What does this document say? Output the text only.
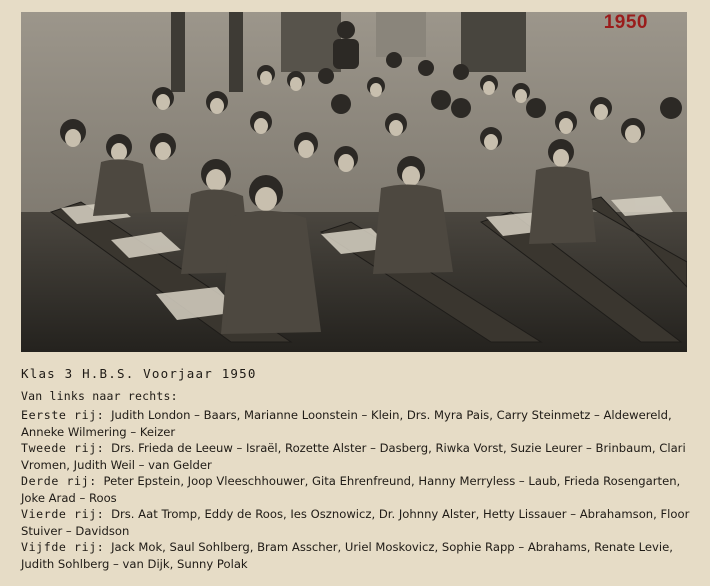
1950
Klas 3 H.B.S. Voorjaar 1950
Van links naar rechts:

Eerste rij: Judith London – Baars, Marianne Loonstein – Klein, Drs. Myra Pais, Carry Steinmetz – Aldewereld, Anneke Wilmering – Keizer

Tweede rij: Drs. Frieda de Leeuw – Israël, Rozette Alster – Dasberg, Riwka Vorst, Suzie Leurer – Brinbaum, Clari Vromen, Judith Weil – van Gelder

Derde rij: Peter Epstein, Joop Vleeschhouwer, Gita Ehrenfreund, Hanny Merryless – Laub, Frieda Rosengarten, Joke Arad – Roos

Vierde rij: Drs. Aat Tromp, Eddy de Roos, Ies Osznowicz, Dr. Johnny Alster, Hetty Lissauer – Abrahamson, Floor Stuiver – Davidson

Vijfde rij: Jack Mok, Saul Sohlberg, Bram Asscher, Uriel Moskovicz, Sophie Rapp – Abrahams, Renate Levie, Judith Sohlberg – van Dijk, Sunny Polak
